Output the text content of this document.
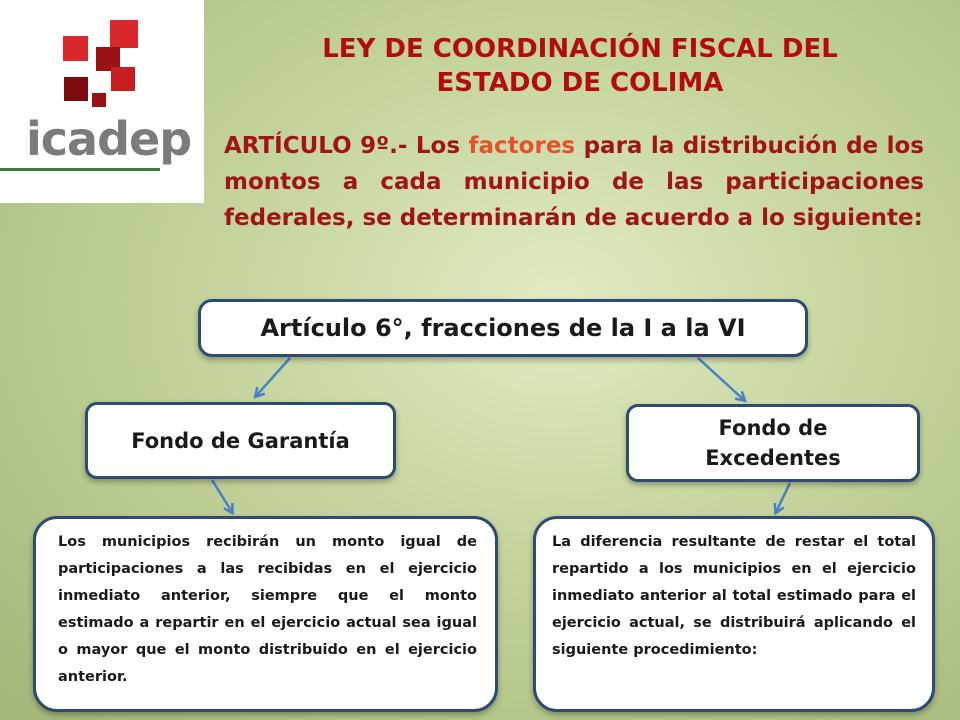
icadep
LEY DE COORDINACIÓN FISCAL DEL
ESTADO DE COLIMA
ARTÍCULO 9º.- Los factores para la distribución de los montos a cada municipio de las participaciones federales, se determinarán de acuerdo a lo siguiente:
Artículo 6°, fracciones de la I a la VI
Fondo de Garantía
Fondo de Excedentes
Los municipios recibirán un monto igual de participaciones a las recibidas en el ejercicio inmediato anterior, siempre que el monto estimado a repartir en el ejercicio actual sea igual o mayor que el monto distribuido en el ejercicio anterior.
La diferencia resultante de restar el total repartido a los municipios en el ejercicio inmediato anterior al total estimado para el ejercicio actual, se distribuirá aplicando el siguiente procedimiento:
